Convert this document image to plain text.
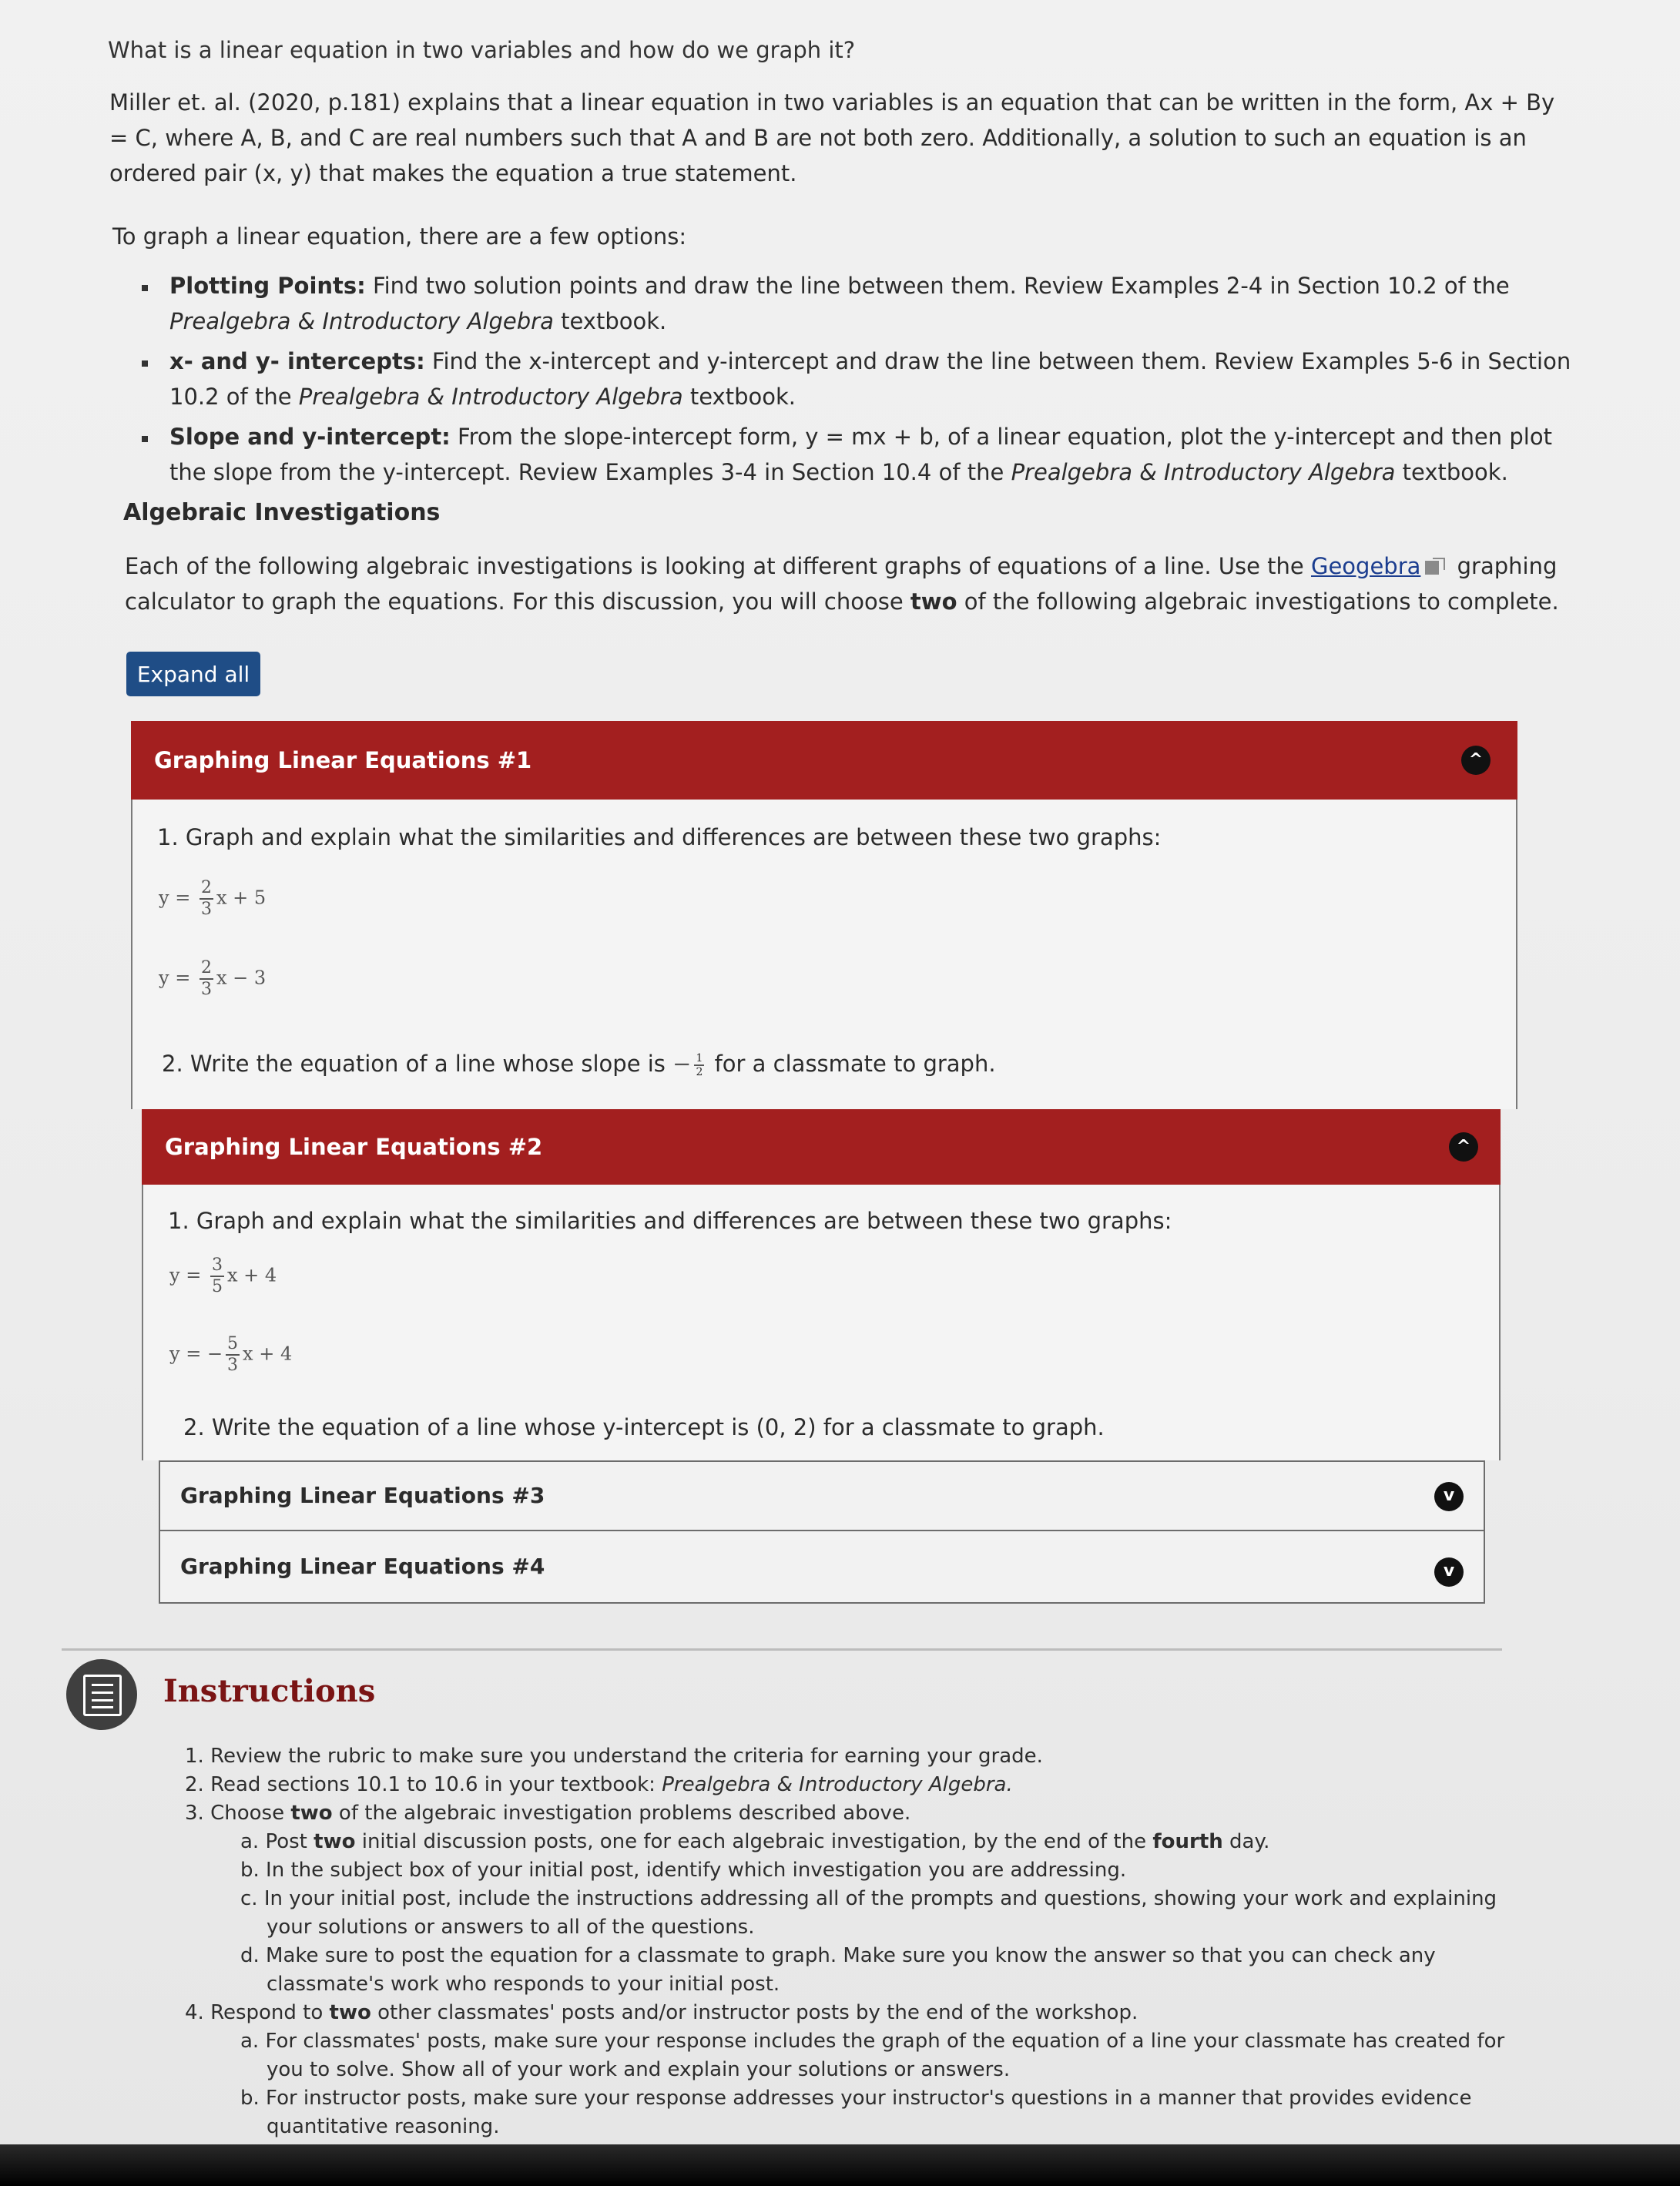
What is a linear equation in two variables and how do we graph it?
Miller et. al. (2020, p.181) explains that a linear equation in two variables is an equation that can be written in the form, Ax + By = C, where A, B, and C are real numbers such that A and B are not both zero. Additionally, a solution to such an equation is an ordered pair (x, y) that makes the equation a true statement.
To graph a linear equation, there are a few options:
Plotting Points: Find two solution points and draw the line between them. Review Examples 2-4 in Section 10.2 of the Prealgebra & Introductory Algebra textbook.
x- and y- intercepts: Find the x-intercept and y-intercept and draw the line between them. Review Examples 5-6 in Section 10.2 of the Prealgebra & Introductory Algebra textbook.
Slope and y-intercept: From the slope-intercept form, y = mx + b, of a linear equation, plot the y-intercept and then plot the slope from the y-intercept. Review Examples 3-4 in Section 10.4 of the Prealgebra & Introductory Algebra textbook.
Algebraic Investigations
Each of the following algebraic investigations is looking at different graphs of equations of a line. Use the Geogebra
graphing calculator to graph the equations. For this discussion, you will choose two of the following algebraic investigations to complete.
Expand all
Graphing Linear Equations #1	^
1. Graph and explain what the similarities and differences are between these two graphs:
$y = \frac{2}{3}$ x + 5
$y = \frac{2}{3}$ x − 3
2. Write the equation of a line whose slope is − $\frac{1}{2}$ for a classmate to graph.
Graphing Linear Equations #2	^
1. Graph and explain what the similarities and differences are between these two graphs:
$y = \frac{3}{5}$ x + 4
y = − $\frac{5}{3}$ x + 4
2. Write the equation of a line whose y-intercept is (0, 2) for a classmate to graph.
Graphing Linear Equations #3	v
Graphing Linear Equations #4	v
Instructions
1. Review the rubric to make sure you understand the criteria for earning your grade.
2. Read sections 10.1 to 10.6 in your textbook: Prealgebra & Introductory Algebra.
3. Choose two of the algebraic investigation problems described above.
a. Post two initial discussion posts, one for each algebraic investigation, by the end of the fourth day.
b. In the subject box of your initial post, identify which investigation you are addressing.
c. In your initial post, include the instructions addressing all of the prompts and questions, showing your work and explaining your solutions or answers to all of the questions.
d. Make sure to post the equation for a classmate to graph. Make sure you know the answer so that you can check any classmate's work who responds to your initial post.
4. Respond to two other classmates' posts and/or instructor posts by the end of the workshop.
a. For classmates' posts, make sure your response includes the graph of the equation of a line your classmate has created for you to solve. Show all of your work and explain your solutions or answers.
b. For instructor posts, make sure your response addresses your instructor's questions in a manner that provides evidence quantitative reasoning.
